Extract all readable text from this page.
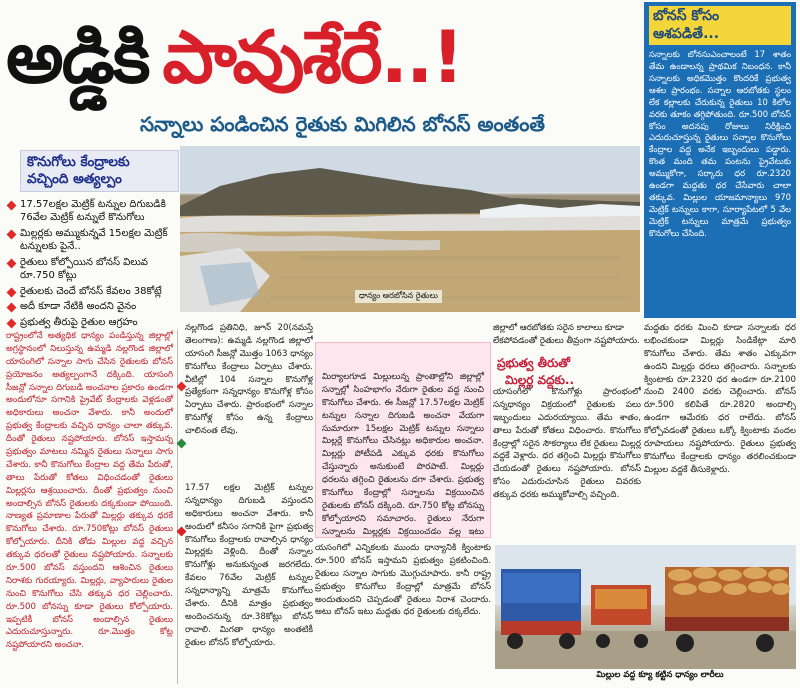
అడ్డికి పావుశేరే..!
సన్నాలు పండించిన రైతుకు మిగిలిన బోనస్ అంతంతే
బోనస్ కోసం
ఆశపడితే...
సన్నాలకు బోనసుఎంచాలంటే 17 శాతం తేమ ఉండాలన్న ప్రాథమిక నిబంధన. కానీ సన్నాలకు అధికమొత్తం కొందరికే ప్రభుత్వ ఆశల ప్రారంభం. సన్నాల ఆరబోతకు స్థలం లేక కల్లాలకు చేరుకున్న రైతులు 10 కిలోల వరకు తూకం తగ్గిపోతుంది. రూ.500 బోనస్ కోసం అదనపు రోజులు నిరీక్షించి ఎదురుచూస్తున్న రైతులు సన్నాల కొనుగోలు కేంద్రాల వద్ద అనేక ఇబ్బందులు పడ్డారు. కొంత మంది తమ పంటను ప్రైవేటుకు అమ్ముకోగా, సర్కారు ధర రూ.2320 ఉండగా మద్దతు ధర చేసేవారు చాలా తక్కువ. మిల్లుల యాజమాన్యాలు 970 మెట్రిక్ టన్నులు కాగా, సూర్యాపేటలో 5 వేల మెట్రిక్ టన్నులు మాత్రమే ప్రభుత్వం కొనుగోలు చేసింది.
కొనుగోలు కేంద్రాలకు
వచ్చింది అత్యల్పం
17.57లక్షల మెట్రిక్ టన్నుల దిగుబడికి 76వేల మెట్రిక్ టన్నులే కొనుగోలు
మిల్లర్లకు అమ్ముకున్నవే 15లక్షల మెట్రిక్ టన్నులకు పైనే..
రైతులు కోల్పోయిన బోనస్ విలువ రూ.750 కోట్లు
రైతులకు చెందే బోనస్ కేవలం 38కోట్లే
అదీ కూడా నేటికి అందని వైనం
ప్రభుత్వ తీరుపై రైతుల ఆగ్రహం
ధాన్యం ఆరబోసిన రైతులు

రాష్ట్రంలోనే అత్యధిక ధాన్యం పండిస్తున్న జిల్లాల్లో అగ్రస్థానంలో నిలుస్తున్న ఉమ్మడి నల్లగొండ జిల్లాలో యాసంగిలో సన్నాల సాగు చేసిన రైతులకు బోనస్ ప్రయోజనం అత్యల్పంగానే దక్కింది. యాసంగి సీజన్లో సన్నాల దిగుబడి అంచనాల ప్రకారం ఉండగా అందులోనూ సగానికి ప్రైవేట్ కేంద్రాలకు వెళ్లడంతో అధికారులు అంచనా వేశారు. కానీ అందులో ప్రభుత్వ కేంద్రాలకు వచ్చిన ధాన్యం చాలా తక్కువ. దీంతో రైతులు నష్టపోయారు. బోనస్ ఇస్తామన్న ప్రభుత్వం మాటలు నమ్మిన రైతులు సన్నాలు సాగు చేశారు. కానీ కొనుగోలు కేంద్రాల వద్ద తేమ పేరుతో, తాలు పేరుతో కోతలు విధించడంతో రైతులు మిల్లర్లను ఆశ్రయించారు. దీంతో ప్రభుత్వం నుంచి అందాల్సిన బోనస్ రైతులకు దక్కకుండా పోయింది. నాణ్యత ప్రమాణాల పేరుతో మిల్లర్లు తక్కువ ధరకే కొనుగోలు చేశారు. రూ.750కోట్లు బోనస్ రైతులు కోల్పోయారు. దీనికి తోడు మిల్లుల వద్ద వచ్చిన తక్కువ ధరలతో రైతులు నష్టపోయారు. సన్నాలకు రూ.500 బోనస్ వస్తుందని ఆశించిన రైతులు నిరాశకు గురయ్యారు. మిల్లర్లు, వ్యాపారులు రైతుల నుంచి కొనుగోలు చేసి తక్కువ ధర చెల్లించారు. రూ.500 బోనస్ను కూడా రైతులు కోల్పోయారు. ఇప్పటికీ బోనస్ అందాల్సిన రైతులు ఎదురుచూస్తున్నారు. రూ.మొత్తం కోట్ల నష్టపోయారని అంచనా.

నల్లగొండ ప్రతినిధి, జూన్ 20(నమస్తే తెలంగాణ): ఉమ్మడి నల్లగొండ జిల్లాలో యాసంగి సీజన్లో మొత్తం 1063 ధాన్యం కొనుగోలు కేంద్రాలు ఏర్పాటు చేశారు. వీటిల్లో 104 సన్నాల కొనుగోళ్ల ప్రత్యేకంగా సన్నధాన్యం కొనుగోళ్ల కోసం ఏర్పాటు చేశారు. ప్రారంభంలో సన్నాల కొనుగోళ్ల కోసం ఉన్న కేంద్రాలు చాలినంత లేవు.

17.57 లక్షల మెట్రిక్ టన్నుల సన్నధాన్యం దిగుబడి వస్తుందని అధికారులు అంచనా వేశారు. కానీ అందులో కనీసం సగానికి పైగా ప్రభుత్వ కొనుగోలు కేంద్రాలకు రావాల్సిన ధాన్యం మిల్లర్లకు వెళ్లింది. దీంతో సన్నాల కొనుగోళ్లు అనుకున్నంత జరగలేదు. కేవలం 76వేల మెట్రిక్ టన్నుల సన్నధాన్యాన్ని మాత్రమే కొనుగోలు చేశారు. దీనికి మాత్రం ప్రభుత్వం అందించనున్న రూ.38కోట్లు బోనస్ రావాలి. మిగతా ధాన్యం అంతటికీ రైతుల బోనస్ కోల్పోయారు.

మిర్యాలగూడ మిల్లులున్న ప్రాంతాల్లోని జిల్లాల్లో సన్నాల్లో సింహభాగం నేరుగా రైతుల వద్ద నుంచి కొనుగోలు చేశారు. ఈ సీజన్లో 17.57లక్షల మెట్రిక్ టన్నుల సన్నాల దిగుబడి అంచనా వేయగా సుమారుగా 15లక్షల మెట్రిక్ టన్నుల సన్నాలు మిల్లర్లే కొనుగోలు చేసినట్లు అధికారుల అంచనా. మిల్లర్లు పోటీపడి ఎక్కువ ధరకు కొనుగోలు చేస్తున్నారు అనుకుంటే పొరపాటే. మిల్లర్లు ధరలను తగ్గించి రైతులను దగా చేశారు. ప్రభుత్వ కొనుగోలు కేంద్రాల్లో సన్నాలను విక్రయించిన రైతులకు బోనస్ దక్కింది. రూ.750 కోట్ల బోనస్ను కోల్పోయారని సమాచారం. రైతులు నేరుగా సన్నాలను మిల్లర్లకు విక్రయించడం వల్ల ఇటు

జిల్లాలో ఆరబోతకు సరైన కాలాలు కూడా లేకపోవడంతో రైతులు తీవ్రంగా నష్టపోయారు.

ప్రభుత్వ తీరుతో
మిల్లర్ల వద్దకు..

యాసంగిలో కొనుగోళ్లు ప్రారంభంలో సన్నధాన్యం విక్రయంలో రైతులకు పలు ఇబ్బందులు ఎదురయ్యాయి. తేమ శాతం, తాలు పేరుతో కోతలు విధించారు. కొనుగోలు కేంద్రాల్లో సరైన సౌకర్యాలు లేక రైతులు మిల్లర్ల వద్దకే వెళ్లారు. ధర తగ్గించి మిల్లర్లు కొనుగోలు చేయడంతో రైతులు నష్టపోయారు. బోనస్ కోసం ఎదురుచూసిన రైతులు చివరకు తక్కువ ధరకు అమ్ముకోవాల్సి వచ్చింది.

యసంగిలో ఎన్నికలకు ముందు ధాన్యానికి క్వింటాకు రూ.500 బోనస్ ఇస్తామని ప్రభుత్వం ప్రకటించింది. రైతులు సన్నాల సాగుకు మొగ్గుచూపారు. కానీ రాష్ట్ర ప్రభుత్వం కొనుగోలు కేంద్రాల్లో మాత్రమే బోనస్ అందుతుందని చెప్పడంతో రైతులు నిరాశ చెందారు. అటు బోనస్ ఇటు మద్దతు ధర రైతులకు దక్కలేదు.

మద్దతు ధరకు మించి కూడా సన్నాలకు ధర లభించకుండా మిల్లర్లు సిండికేట్గా మారి కొనుగోలు చేశారు. తేమ శాతం ఎక్కువగా ఉందని మిల్లర్లు ధరలు తగ్గించారు. సన్నాలకు క్వింటాకు రూ.2320 ధర ఉండగా రూ.2100 నుంచి 2400 వరకు చెల్లించారు. బోనస్ రూ.500 కలిపితే రూ.2820 అందాల్సి ఉండగా ఆమేరకు ధర రాలేదు. బోనస్ కోల్పోవడంతో రైతులు ఒక్కో క్వింటాకు వందల రూపాయలు నష్టపోయారు. రైతులు ప్రభుత్వ కొనుగోలు కేంద్రాలకు ధాన్యం తరలించకుండా మిల్లుల వద్దకే తీసుకెళ్లారు.

మిల్లుల వద్ద క్యూ కట్టిన ధాన్యం లారీలు
